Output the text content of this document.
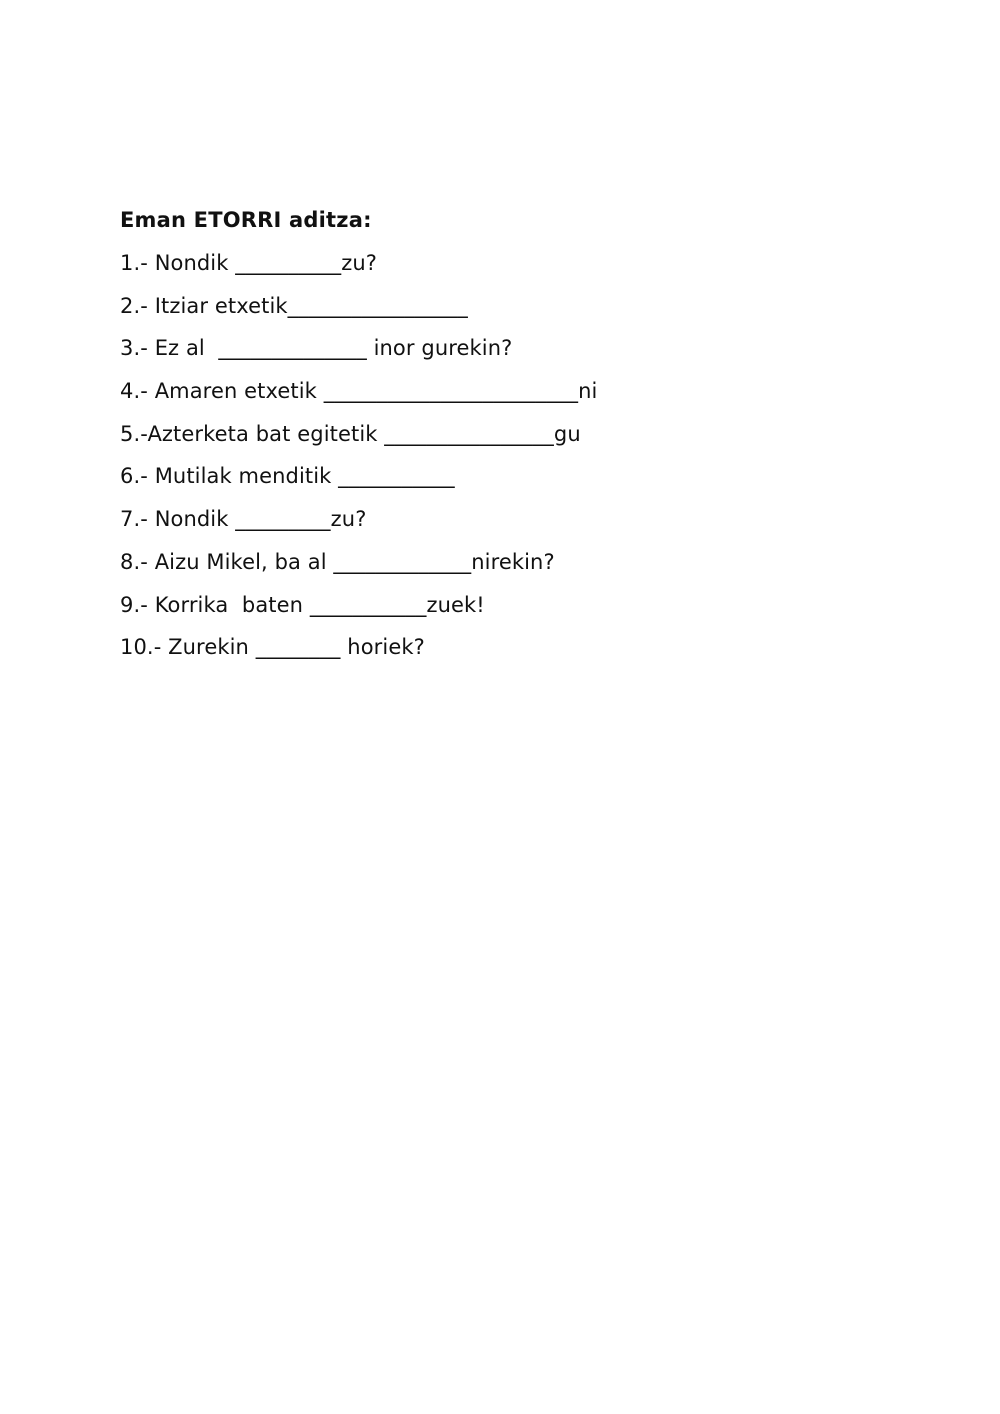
Eman ETORRI aditza:
1.- Nondik __________zu?
2.- Itziar etxetik_________________
3.- Ez al  ______________ inor gurekin?
4.- Amaren etxetik ________________________ni
5.-Azterketa bat egitetik ________________gu
6.- Mutilak menditik ___________
7.- Nondik _________zu?
8.- Aizu Mikel, ba al _____________nirekin?
9.- Korrika  baten ___________zuek!
10.- Zurekin ________ horiek?
